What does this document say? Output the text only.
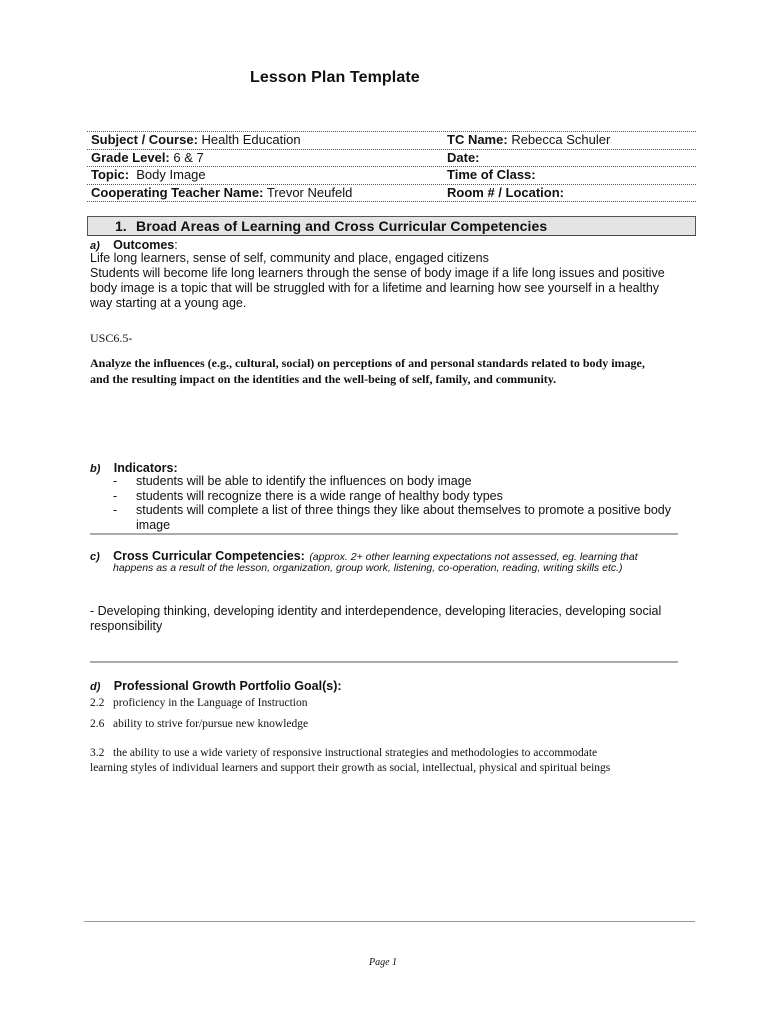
Lesson Plan Template
Subject / Course: Health Education	TC Name: Rebecca Schuler
Grade Level: 6 & 7	Date:
Topic: Body Image	Time of Class:
Cooperating Teacher Name: Trevor Neufeld	Room # / Location:
1. Broad Areas of Learning and Cross Curricular Competencies
a) Outcomes:
Life long learners, sense of self, community and place, engaged citizens
Students will become life long learners through the sense of body image if a life long issues and positive
body image is a topic that will be struggled with for a lifetime and learning how see yourself in a healthy
way starting at a young age.
USC6.5-
Analyze the influences (e.g., cultural, social) on perceptions of and personal standards related to body image,
and the resulting impact on the identities and the well-being of self, family, and community.
b) Indicators:
- students will be able to identify the influences on body image
- students will recognize there is a wide range of healthy body types
- students will complete a list of three things they like about themselves to promote a positive body
image
c) Cross Curricular Competencies: (approx. 2+ other learning expectations not assessed, eg. learning that
happens as a result of the lesson, organization, group work, listening, co-operation, reading, writing skills etc.)
- Developing thinking, developing identity and interdependence, developing literacies, developing social
responsibility
d) Professional Growth Portfolio Goal(s):
2.2 proficiency in the Language of Instruction
2.6 ability to strive for/pursue new knowledge
3.2 the ability to use a wide variety of responsive instructional strategies and methodologies to accommodate
learning styles of individual learners and support their growth as social, intellectual, physical and spiritual beings
Page 1
